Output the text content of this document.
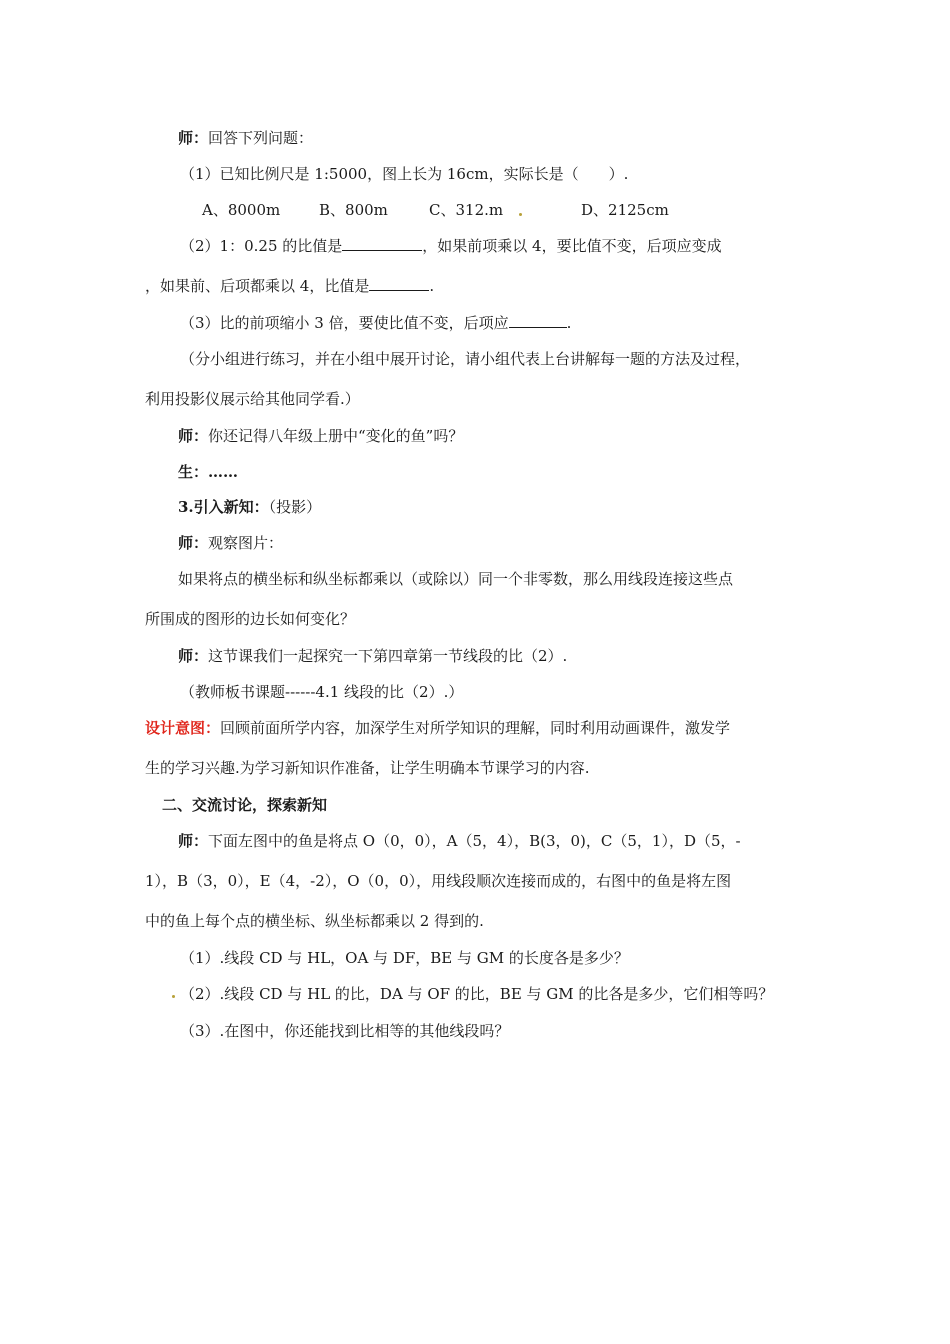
师：回答下列问题：
（1）已知比例尺是 1:5000，图上长为 16cm，实际长是（　　）.
A、8000m	B、800m	C、312.m	D、2125cm
（2）1：0.25 的比值是	，如果前项乘以 4，要比值不变，后项应变成
，如果前、后项都乘以 4，比值是	.
（3）比的前项缩小 3 倍，要使比值不变，后项应	.
（分小组进行练习，并在小组中展开讨论，请小组代表上台讲解每一题的方法及过程，
利用投影仪展示给其他同学看.）
师：你还记得八年级上册中“变化的鱼”吗？
生：……
3.引入新知：（投影）
师：观察图片：
如果将点的横坐标和纵坐标都乘以（或除以）同一个非零数，那么用线段连接这些点
所围成的图形的边长如何变化？
师：这节课我们一起探究一下第四章第一节线段的比（2）.
（教师板书课题------4.1 线段的比（2）.）
设计意图：回顾前面所学内容，加深学生对所学知识的理解，同时利用动画课件，激发学
生的学习兴趣.为学习新知识作准备，让学生明确本节课学习的内容.
二、交流讨论，探索新知
师：下面左图中的鱼是将点 O（0，0），A（5，4），B(3，0)，C（5，1），D（5，-
1），B（3，0），E（4，-2），O（0，0），用线段顺次连接而成的，右图中的鱼是将左图
中的鱼上每个点的横坐标、纵坐标都乘以 2 得到的.
（1）.线段 CD 与 HL，OA 与 DF，BE 与 GM 的长度各是多少？
（2）.线段 CD 与 HL 的比，DA 与 OF 的比，BE 与 GM 的比各是多少，它们相等吗？
（3）.在图中，你还能找到比相等的其他线段吗？
